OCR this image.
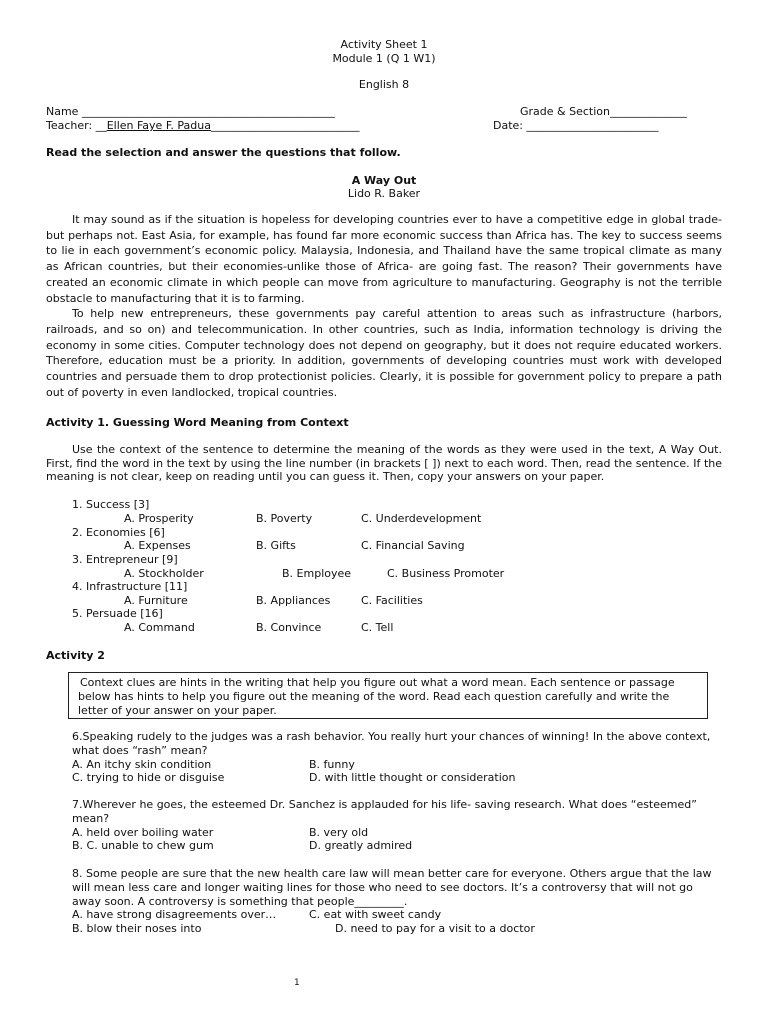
Activity Sheet 1
Module 1 (Q 1 W1)
English 8
Name ______________________________________________	Grade & Section______________
Teacher: __Ellen Faye F. Padua___________________________	Date: ________________________
Read the selection and answer the questions that follow.
A Way Out
Lido R. Baker

It may sound as if the situation is hopeless for developing countries ever to have a competitive edge in global trade- but perhaps not. East Asia, for example, has found far more economic success than Africa has. The key to success seems to lie in each government’s economic policy. Malaysia, Indonesia, and Thailand have the same tropical climate as many as African countries, but their economies-unlike those of Africa- are going fast. The reason? Their governments have created an economic climate in which people can move from agriculture to manufacturing. Geography is not the terrible obstacle to manufacturing that it is to farming.

To help new entrepreneurs, these governments pay careful attention to areas such as infrastructure (harbors, railroads, and so on) and telecommunication. In other countries, such as India, information technology is driving the economy in some cities. Computer technology does not depend on geography, but it does not require educated workers. Therefore, education must be a priority. In addition, governments of developing countries must work with developed countries and persuade them to drop protectionist policies. Clearly, it is possible for government policy to prepare a path out of poverty in even landlocked, tropical countries.

Activity 1. Guessing Word Meaning from Context

Use the context of the sentence to determine the meaning of the words as they were used in the text, A Way Out. First, find the word in the text by using the line number (in brackets [ ]) next to each word. Then, read the sentence. If the meaning is not clear, keep on reading until you can guess it. Then, copy your answers on your paper.

1. Success [3]
A. Prosperity	B. Poverty	C. Underdevelopment
2. Economies [6]
A. Expenses	B. Gifts	C. Financial Saving
3. Entrepreneur [9]
A. Stockholder	B. Employee	C. Business Promoter
4. Infrastructure [11]
A. Furniture	B. Appliances	C. Facilities
5. Persuade [16]
A. Command	B. Convince	C. Tell
Activity 2
Context clues are hints in the writing that help you figure out what a word mean. Each sentence or passage below has hints to help you figure out the meaning of the word. Read each question carefully and write the letter of your answer on your paper.
6.Speaking rudely to the judges was a rash behavior. You really hurt your chances of winning! In the above context, what does “rash” mean?
A. An itchy skin condition	B. funny
C. trying to hide or disguise	D. with little thought or consideration
7.Wherever he goes, the esteemed Dr. Sanchez is applauded for his life- saving research. What does “esteemed” mean?
A. held over boiling water	B. very old
B. C. unable to chew gum	D. greatly admired
8. Some people are sure that the new health care law will mean better care for everyone. Others argue that the law will mean less care and longer waiting lines for those who need to see doctors. It’s a controversy that will not go away soon. A controversy is something that people_________.
A. have strong disagreements over…	C. eat with sweet candy
B. blow their noses into	D. need to pay for a visit to a doctor
1
